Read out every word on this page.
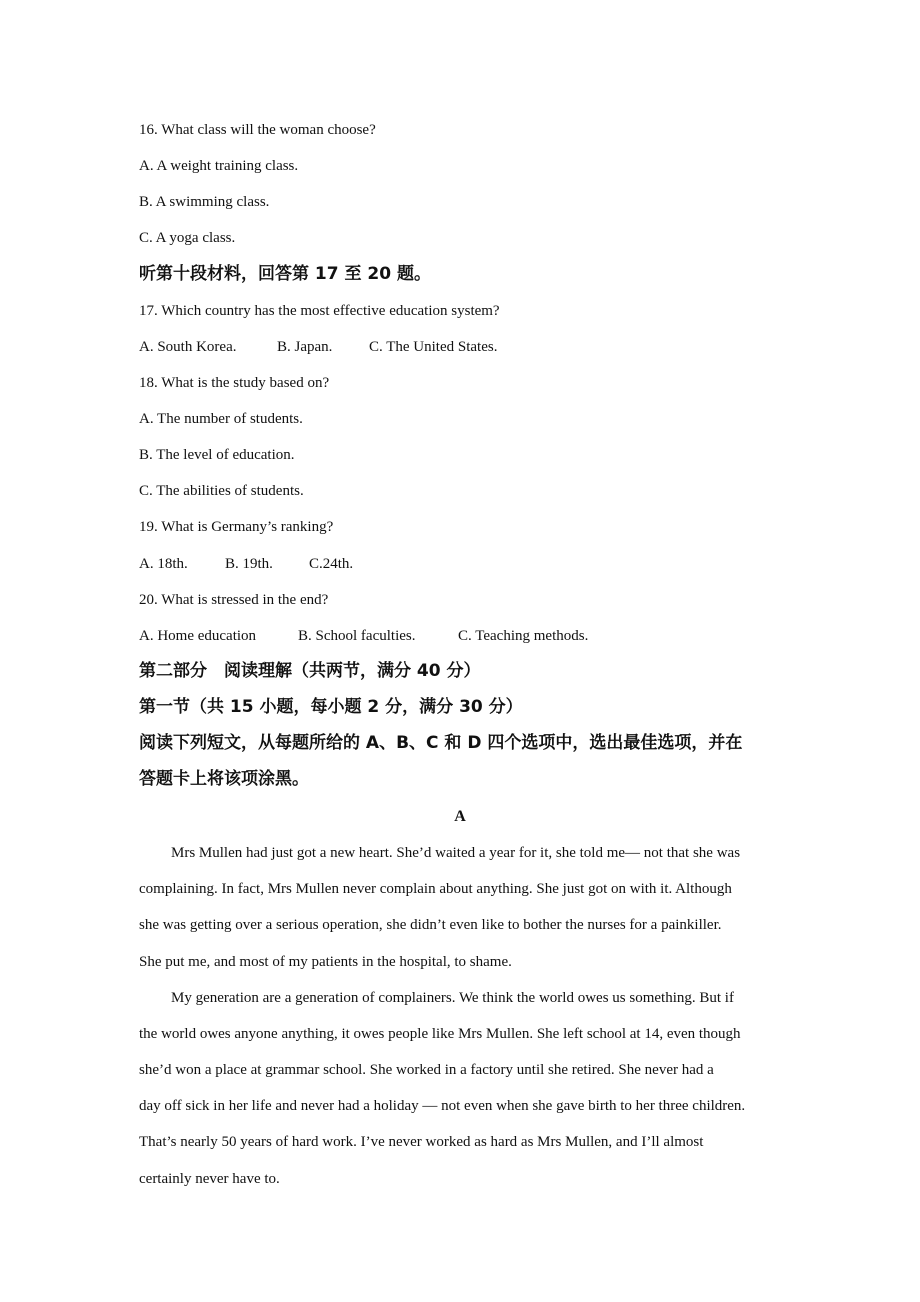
16. What class will the woman choose?
A. A weight training class.
B. A swimming class.
C. A yoga class.
听第十段材料，回答第 17 至 20 题。
17. Which country has the most effective education system?
A. South Korea.	B. Japan. C. The United States.
18. What is the study based on?
A. The number of students.
B. The level of education.
C. The abilities of students.
19. What is Germany’s ranking?
A. 18th. B. 19th. C.24th.
20. What is stressed in the end?
A. Home education	B. School faculties.	C. Teaching methods.
第二部分　阅读理解（共两节，满分 40 分）
第一节（共 15 小题，每小题 2 分，满分 30 分）
阅读下列短文，从每题所给的 A、B、C 和 D 四个选项中，选出最佳选项，并在
答题卡上将该项涂黑。
A
Mrs Mullen had just got a new heart. She’d waited a year for it, she told me— not that she was
complaining. In fact, Mrs Mullen never complain about anything. She just got on with it. Although
she was getting over a serious operation, she didn’t even like to bother the nurses for a painkiller.
She put me, and most of my patients in the hospital, to shame.
My generation are a generation of complainers. We think the world owes us something. But if
the world owes anyone anything, it owes people like Mrs Mullen. She left school at 14, even though
she’d won a place at grammar school. She worked in a factory until she retired. She never had a
day off sick in her life and never had a holiday — not even when she gave birth to her three children.
That’s nearly 50 years of hard work. I’ve never worked as hard as Mrs Mullen, and I’ll almost
certainly never have to.
